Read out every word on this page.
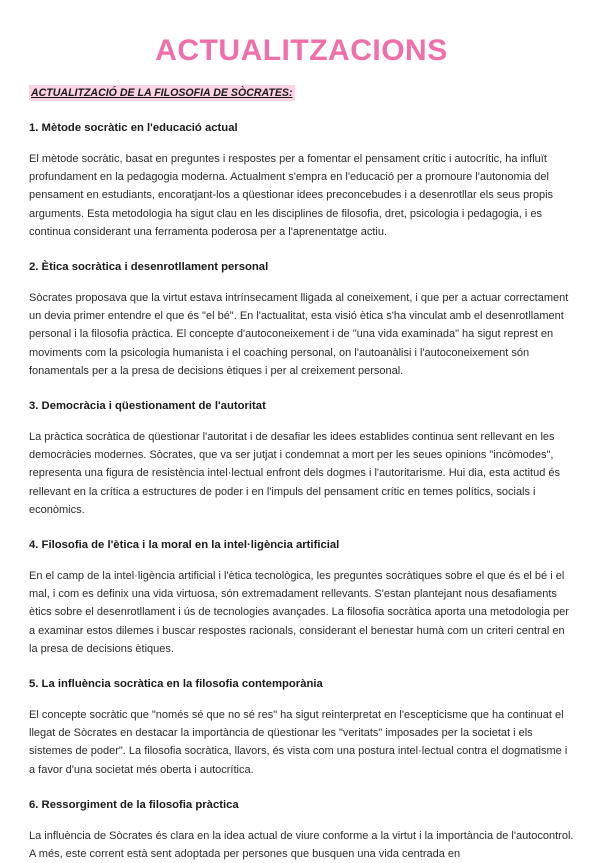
ACTUALITZACIONS
ACTUALITZACIÓ DE LA FILOSOFIA DE SÒCRATES:
1. Mètode socràtic en l'educació actual

El mètode socràtic, basat en preguntes i respostes per a fomentar el pensament crític i autocrític, ha influït profundament en la pedagogia moderna. Actualment s'empra en l'educació per a promoure l'autonomia del pensament en estudiants, encoratjant-los a qüestionar idees preconcebudes i a desenrotllar els seus propis arguments. Esta metodologia ha sigut clau en les disciplines de filosofia, dret, psicologia i pedagogia, i es continua considerant una ferramenta poderosa per a l'aprenentatge actiu.

2. Ètica socràtica i desenrotllament personal

Sòcrates proposava que la virtut estava intrínsecament lligada al coneixement, i que per a actuar correctament un devia primer entendre el que és "el bé". En l'actualitat, esta visió ètica s'ha vinculat amb el desenrotllament personal i la filosofia pràctica. El concepte d'autoconeixement i de "una vida examinada" ha sigut represt en moviments com la psicologia humanista i el coaching personal, on l'autoanàlisi i l'autoconeixement són fonamentals per a la presa de decisions ètiques i per al creixement personal.

3. Democràcia i qüestionament de l'autoritat

La pràctica socràtica de qüestionar l'autoritat i de desafiar les idees establides continua sent rellevant en les democràcies modernes. Sòcrates, que va ser jutjat i condemnat a mort per les seues opinions "incòmodes", representa una figura de resistència intel·lectual enfront dels dogmes i l'autoritarisme. Hui dia, esta actitud és rellevant en la crítica a estructures de poder i en l'impuls del pensament crític en temes polítics, socials i econòmics.

4. Filosofia de l'ètica i la moral en la intel·ligència artificial

En el camp de la intel·ligència artificial i l'ètica tecnològica, les preguntes socràtiques sobre el que és el bé i el mal, i com es definix una vida virtuosa, són extremadament rellevants. S'estan plantejant nous desafiaments ètics sobre el desenrotllament i ús de tecnologies avançades. La filosofia socràtica aporta una metodologia per a examinar estos dilemes i buscar respostes racionals, considerant el benestar humà com un criteri central en la presa de decisions ètiques.

5. La influència socràtica en la filosofia contemporània

El concepte socràtic que "només sé que no sé res" ha sigut reinterpretat en l'escepticisme que ha continuat el llegat de Sòcrates en destacar la importància de qüestionar les "veritats" imposades per la societat i els sistemes de poder". La filosofia socràtica, llavors, és vista com una postura intel·lectual contra el dogmatisme i a favor d'una societat més oberta i autocrítica.

6. Ressorgiment de la filosofia pràctica

La influència de Sòcrates és clara en la idea actual de viure conforme a la virtut i la importància de l'autocontrol. A més, este corrent està sent adoptada per persones que busquen una vida centrada en
